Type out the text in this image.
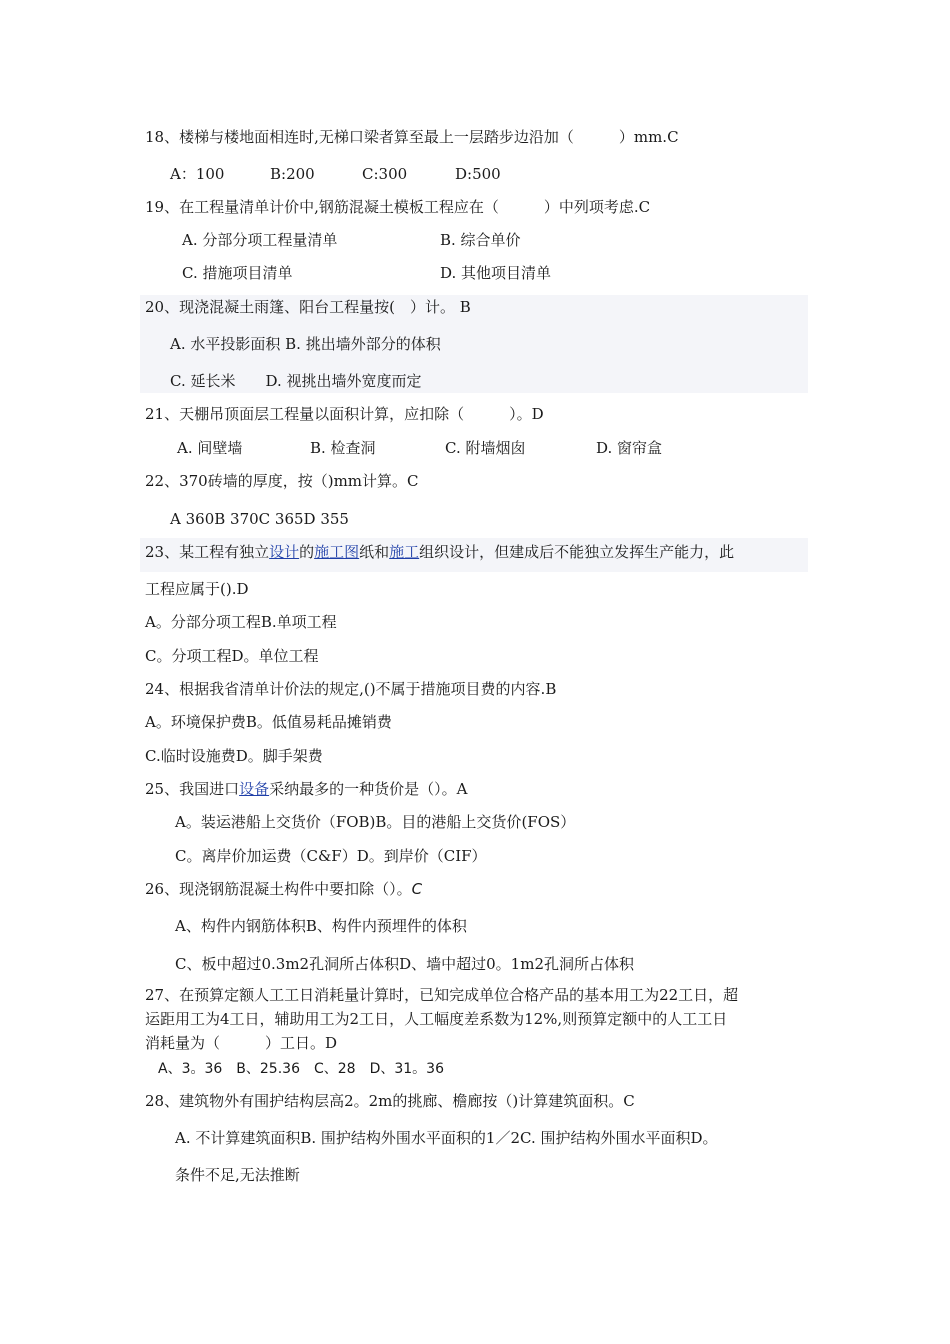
18、楼梯与楼地面相连时,无梯口梁者算至最上一层踏步边沿加（　　　）mm.C
A：100	B:200	C:300	D:500
19、在工程量清单计价中,钢筋混凝土模板工程应在（　　　）中列项考虑.C
A. 分部分项工程量清单	B. 综合单价
C. 措施项目清单	D. 其他项目清单
20、现浇混凝土雨篷、阳台工程量按(　）计。 B
A. 水平投影面积 B. 挑出墙外部分的体积
C. 延长米　　D. 视挑出墙外宽度而定
21、天棚吊顶面层工程量以面积计算，应扣除（　　　）。D
A. 间壁墙	B. 检查洞	C. 附墙烟囱	D. 窗帘盒
22、370砖墙的厚度，按（)mm计算。C
A 360B 370C 365D 355
23、某工程有独立设计的施工图纸和施工组织设计，但建成后不能独立发挥生产能力，此
工程应属于().D
A。分部分项工程B.单项工程
C。分项工程D。单位工程
24、根据我省清单计价法的规定,()不属于措施项目费的内容.B
A。环境保护费B。低值易耗品摊销费
C.临时设施费D。脚手架费
25、我国进口设备采纳最多的一种货价是（）。A
A。装运港船上交货价（FOB)B。目的港船上交货价(FOS）
C。离岸价加运费（C&F）D。到岸价（CIF）
26、现浇钢筋混凝土构件中要扣除（）。C
A、构件内钢筋体积B、构件内预埋件的体积
C、板中超过0.3m2孔洞所占体积D、墙中超过0。1m2孔洞所占体积
27、在预算定额人工工日消耗量计算时，已知完成单位合格产品的基本用工为22工日，超
运距用工为4工日，辅助用工为2工日，人工幅度差系数为12%,则预算定额中的人工工日
消耗量为（　　　）工日。D
A、3。36　B、25.36　C、28　D、31。36
28、建筑物外有围护结构层高2。2m的挑廊、檐廊按（)计算建筑面积。C
A. 不计算建筑面积B. 围护结构外围水平面积的1／2C. 围护结构外围水平面积D。
条件不足,无法推断
